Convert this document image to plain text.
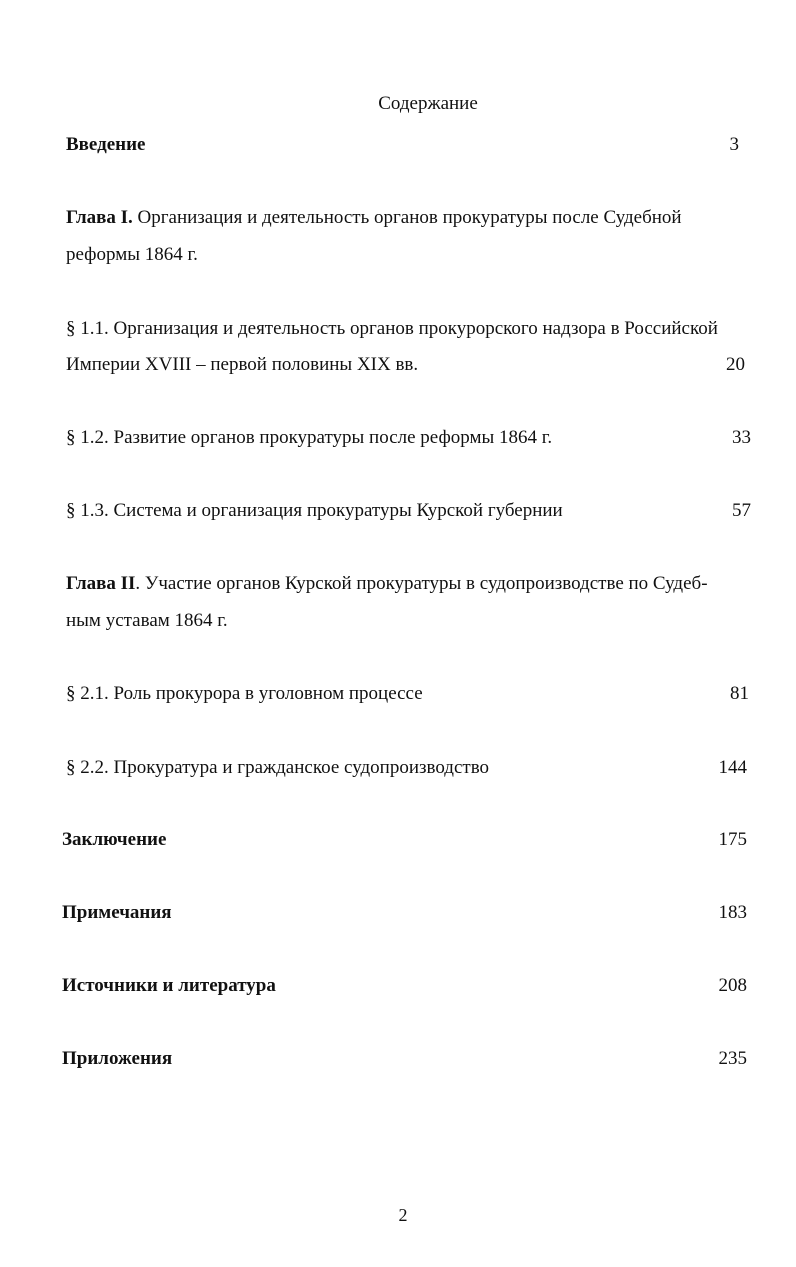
Содержание
Введение	3
Глава I. Организация и деятельность органов прокуратуры после Судебной
реформы 1864 г.
§ 1.1. Организация и деятельность органов прокурорского надзора в Российской
Империи XVIII – первой половины XIX вв.	20
§ 1.2. Развитие органов прокуратуры после реформы 1864 г.	33
§ 1.3. Система и организация прокуратуры Курской губернии	57
Глава II. Участие органов Курской прокуратуры в судопроизводстве по Судеб-
ным уставам 1864 г.
§ 2.1. Роль прокурора в уголовном процессе	81
§ 2.2. Прокуратура и гражданское судопроизводство	144
Заключение	175
Примечания	183
Источники и литература	208
Приложения	235
2
